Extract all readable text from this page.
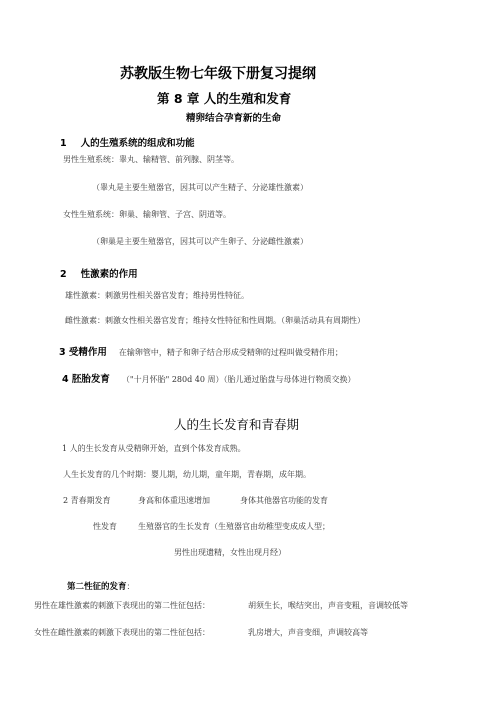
苏教版生物七年级下册复习提纲
第 8 章 人的生殖和发育
精卵结合孕育新的生命
1 人的生殖系统的组成和功能
男性生殖系统：睾丸、输精管、前列腺、阴茎等。
（睾丸是主要生殖器官，因其可以产生精子、分泌雄性激素）
女性生殖系统：卵巢、输卵管、子宫、阴道等。
（卵巢是主要生殖器官，因其可以产生卵子、分泌雌性激素）
2 性激素的作用
雄性激素：刺激男性相关器官发育；维持男性特征。
雌性激素：刺激女性相关器官发育；维持女性特征和性周期。（卵巢活动具有周期性）
3 受精作用 在输卵管中，精子和卵子结合形成受精卵的过程叫做受精作用；
4 胚胎发育 （"十月怀胎" 280d 40 周）（胎儿通过胎盘与母体进行物质交换）
人的生长发育和青春期
1 人的生长发育从受精卵开始，直到个体发育成熟。
人生长发育的几个时期：婴儿期，幼儿期，童年期，青春期，成年期。
2 青春期发育	身高和体重迅速增加	身体其他器官功能的发育
性发育	生殖器官的生长发育（生殖器官由幼稚型变成成人型；
男性出现遗精，女性出现月经）
第二性征的发育：
男性在雄性激素的刺激下表现出的第二性征包括：	胡须生长，喉结突出，声音变粗，音调较低等
女性在雌性激素的刺激下表现出的第二性征包括：	乳房增大，声音变细，声调较高等
